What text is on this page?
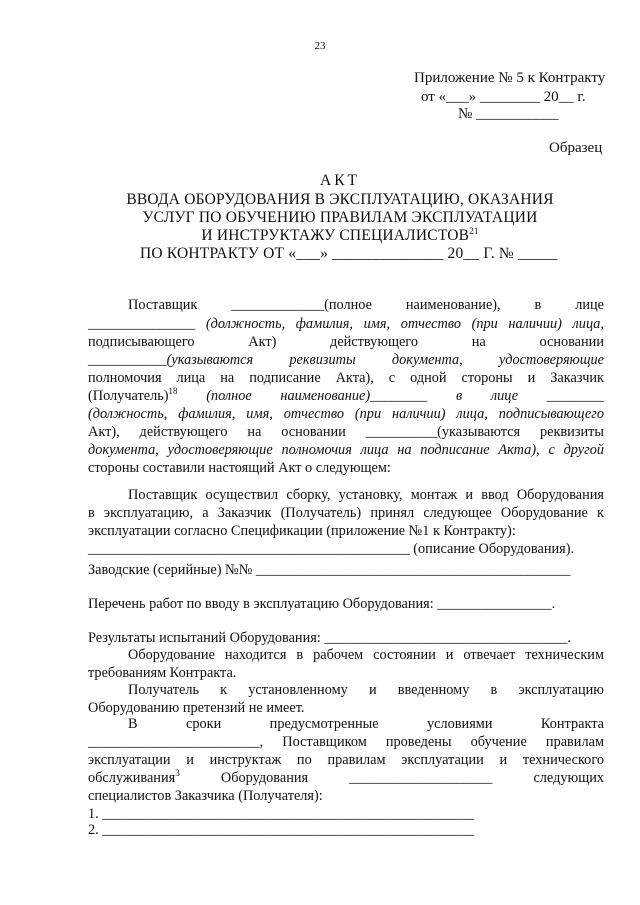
23
Приложение № 5 к Контракту
от «___» ________ 20__ г.
№ ___________
Образец
АКТ
ВВОДА ОБОРУДОВАНИЯ В ЭКСПЛУАТАЦИЮ, ОКАЗАНИЯ
УСЛУГ ПО ОБУЧЕНИЮ ПРАВИЛАМ ЭКСПЛУАТАЦИИ
И ИНСТРУКТАЖУ СПЕЦИАЛИСТОВ$^{21}$
ПО КОНТРАКТУ ОТ «___» ______________ 20__ Г. № _____
Поставщик _____________(полное наименование), в лице
_______________ (должность, фамилия, имя, отчество (при наличии) лица,
подписывающего Акт) действующего на основании
___________(указываются реквизиты документа, удостоверяющие
полномочия лица на подписание Акта), с одной стороны и Заказчик
(Получатель)$^{18}$ (полное наименование)________ в лице ________
(должность, фамилия, имя, отчество (при наличии) лица, подписывающего
Акт), действующего на основании __________(указываются реквизиты
документа, удостоверяющие полномочия лица на подписание Акта), с другой
стороны составили настоящий Акт о следующем:
Поставщик осуществил сборку, установку, монтаж и ввод Оборудования
в эксплуатацию, а Заказчик (Получатель) принял следующее Оборудование к
эксплуатации согласно Спецификации (приложение №1 к Контракту):
_____________________________________________ (описание Оборудования).
Заводские (серийные) №№ ____________________________________________
Перечень работ по вводу в эксплуатацию Оборудования: ________________.
Результаты испытаний Оборудования: __________________________________.
Оборудование находится в рабочем состоянии и отвечает техническим
требованиям Контракта.
Получатель к установленному и введенному в эксплуатацию
Оборудованию претензий не имеет.
В сроки предусмотренные условиями Контракта
________________________, Поставщиком проведены обучение правилам
эксплуатации и инструктаж по правилам эксплуатации и технического
обслуживания$^3$	Оборудования ____________________ следующих
специалистов Заказчика (Получателя):
1. ____________________________________________________
2. ____________________________________________________
